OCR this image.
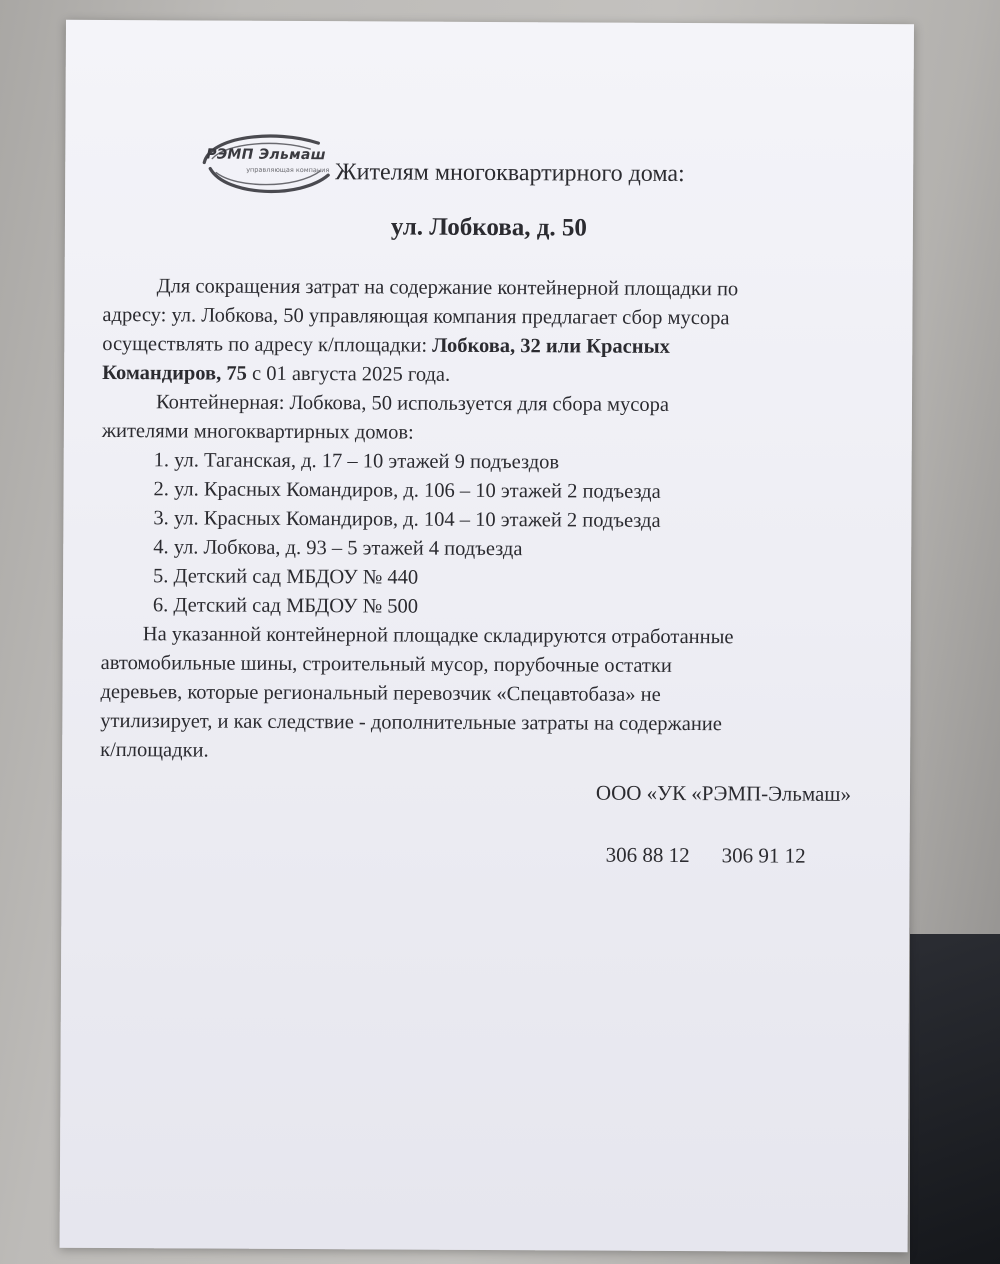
РЭМП Эльмаш
управляющая компания Жителям многоквартирного дома:
ул. Лобкова, д. 50
Для сокращения затрат на содержание контейнерной площадки по
адресу: ул. Лобкова, 50 управляющая компания предлагает сбор мусора
осуществлять по адресу к/площадки: Лобкова, 32 или Красных
Командиров, 75 с 01 августа 2025 года.
Контейнерная: Лобкова, 50 используется для сбора мусора
жителями многоквартирных домов:
1. ул. Таганская, д. 17 – 10 этажей 9 подъездов
2. ул. Красных Командиров, д. 106 – 10 этажей 2 подъезда
3. ул. Красных Командиров, д. 104 – 10 этажей 2 подъезда
4. ул. Лобкова, д. 93 – 5 этажей 4 подъезда
5. Детский сад МБДОУ № 440
6. Детский сад МБДОУ № 500
На указанной контейнерной площадке складируются отработанные
автомобильные шины, строительный мусор, порубочные остатки
деревьев, которые региональный перевозчик «Спецавтобаза» не
утилизирует, и как следствие - дополнительные затраты на содержание
к/площадки.
ООО «УК «РЭМП-Эльмаш»
306 88 12 306 91 12
